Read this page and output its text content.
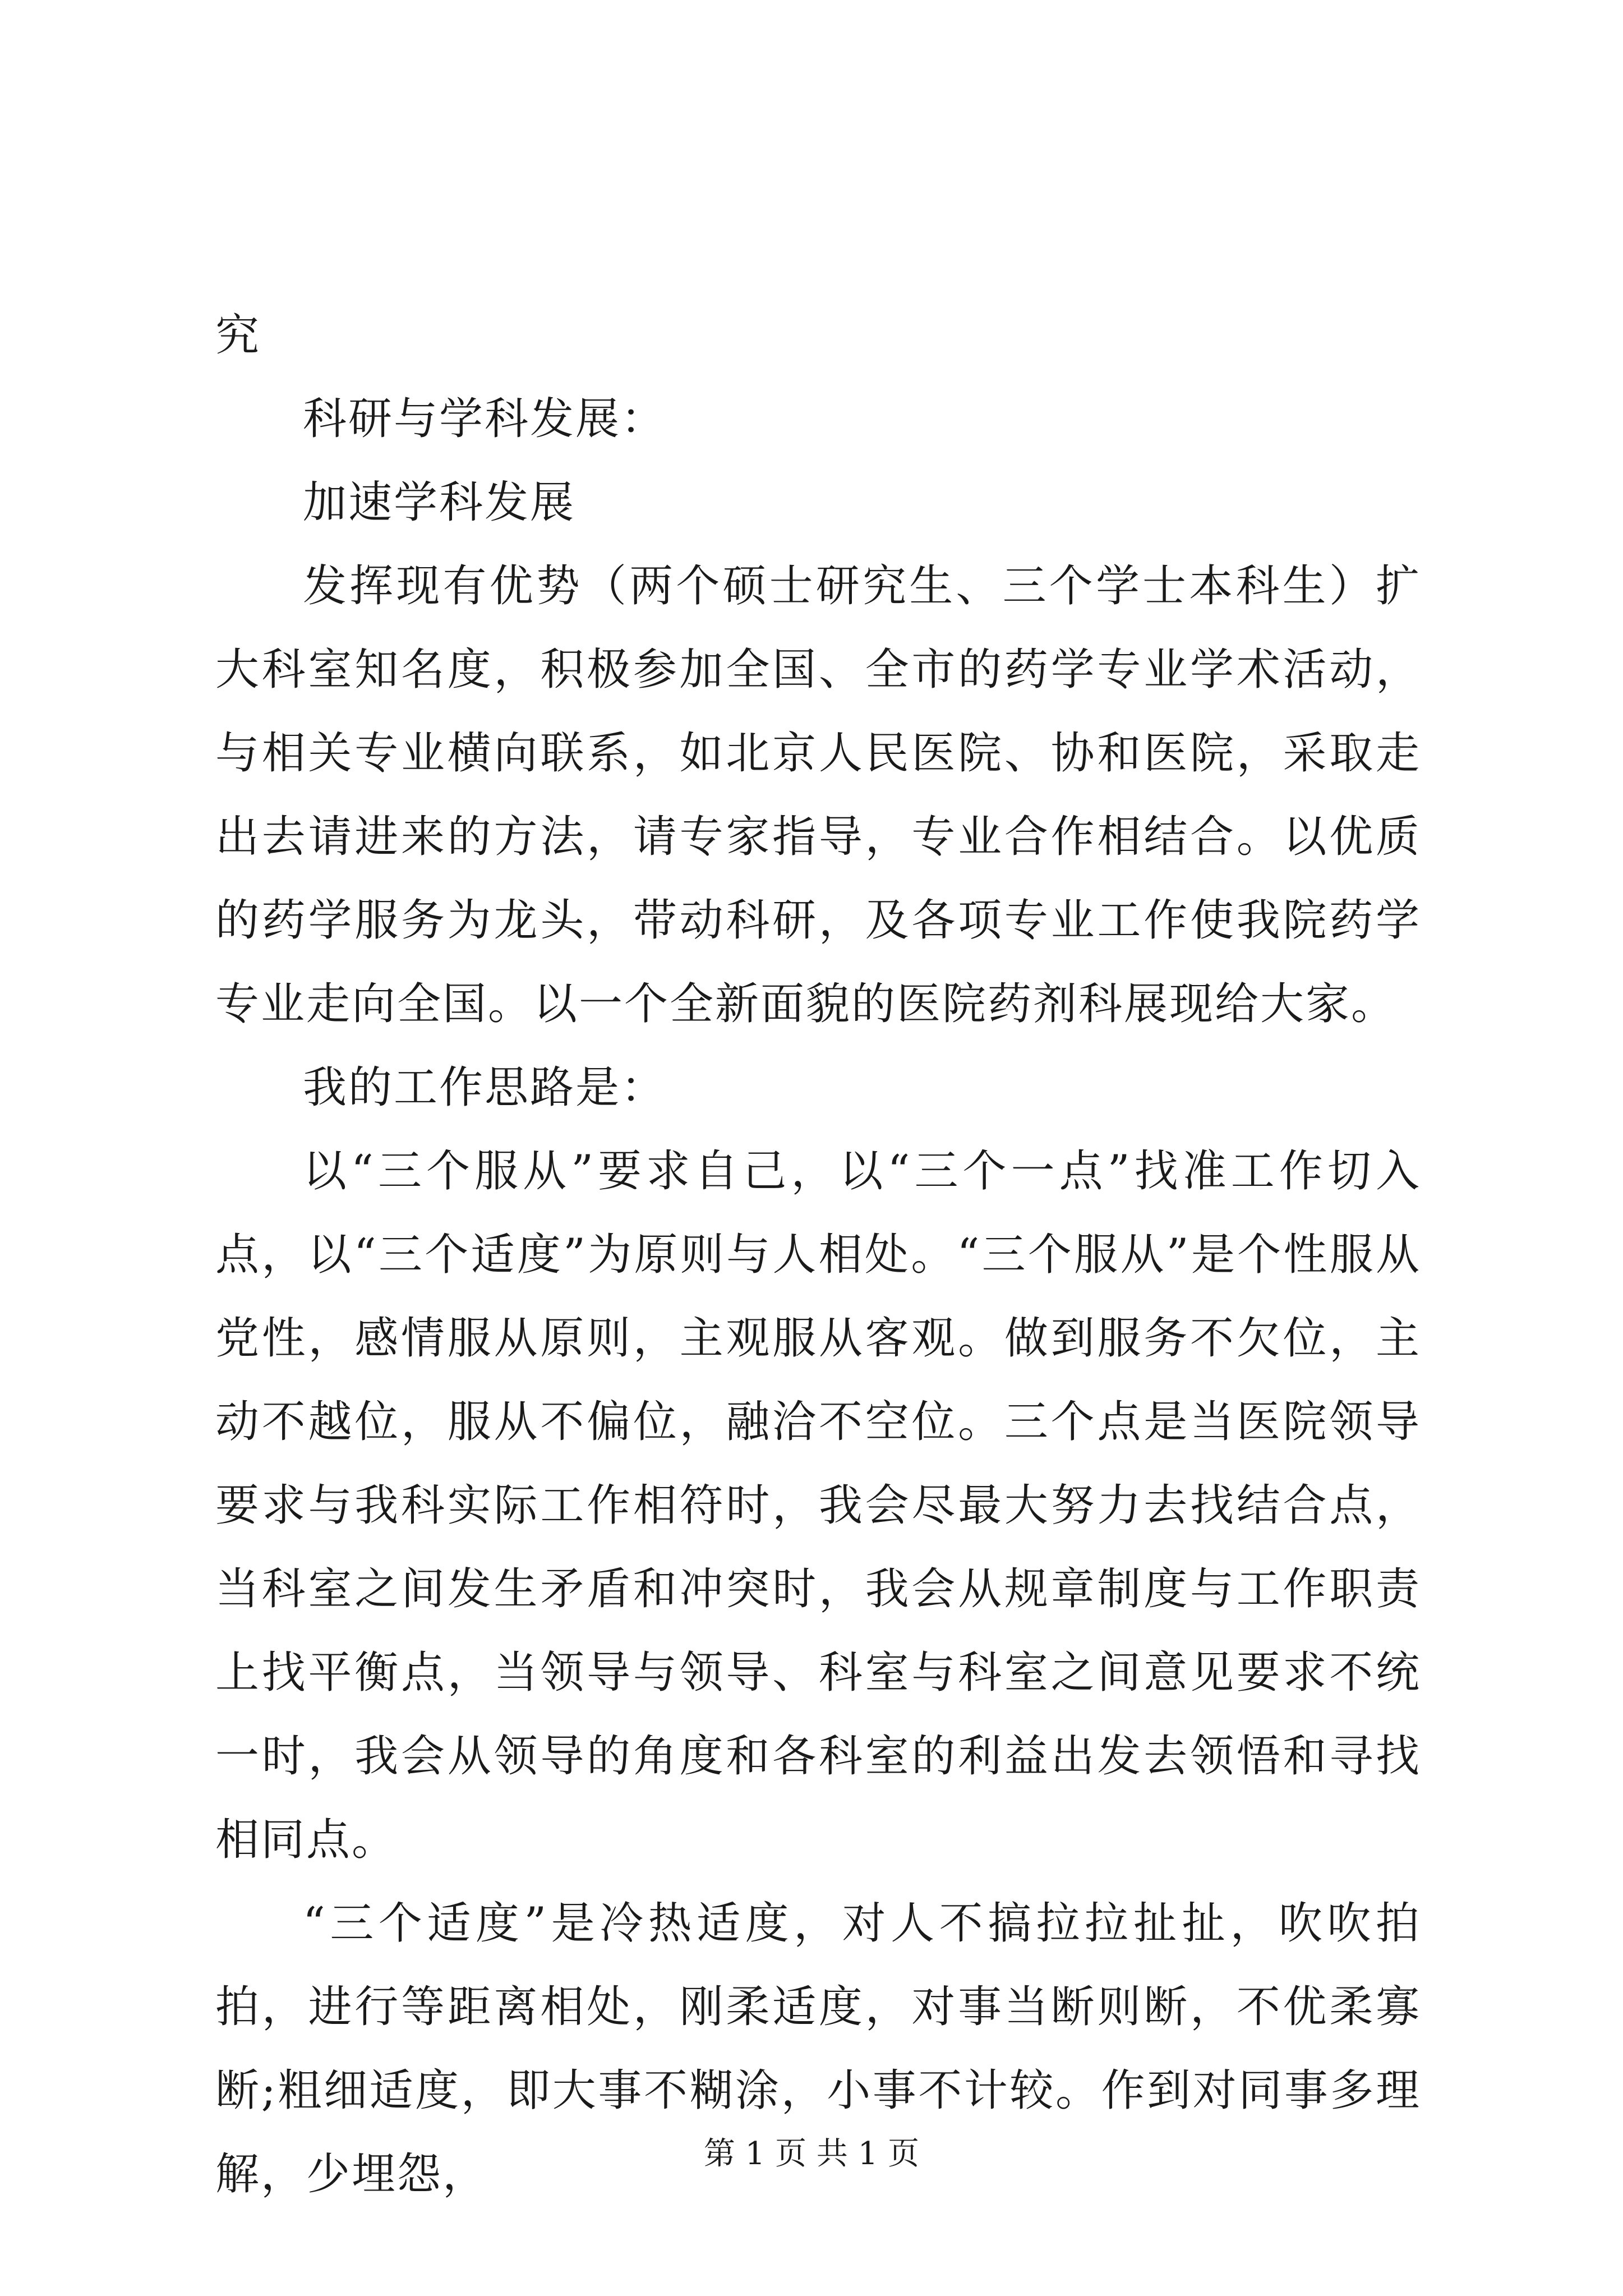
究

科研与学科发展：

加速学科发展

发挥现有优势（两个硕士研究生、三个学士本科生）扩大科室知名度，积极参加全国、全市的药学专业学术活动，与相关专业横向联系，如北京人民医院、协和医院，采取走出去请进来的方法，请专家指导，专业合作相结合。以优质的药学服务为龙头，带动科研，及各项专业工作使我院药学专业走向全国。以一个全新面貌的医院药剂科展现给大家。

我的工作思路是：

以“三个服从”要求自己，以“三个一点”找准工作切入点，以“三个适度”为原则与人相处。“三个服从”是个性服从党性，感情服从原则，主观服从客观。做到服务不欠位，主动不越位，服从不偏位，融洽不空位。三个点是当医院领导要求与我科实际工作相符时，我会尽最大努力去找结合点，当科室之间发生矛盾和冲突时，我会从规章制度与工作职责上找平衡点，当领导与领导、科室与科室之间意见要求不统一时，我会从领导的角度和各科室的利益出发去领悟和寻找相同点。

“三个适度”是冷热适度，对人不搞拉拉扯扯，吹吹拍拍，进行等距离相处，刚柔适度，对事当断则断，不优柔寡断;粗细适度，即大事不糊涂，小事不计较。作到对同事多理解，少埋怨，	第 1 页 共 1 页
